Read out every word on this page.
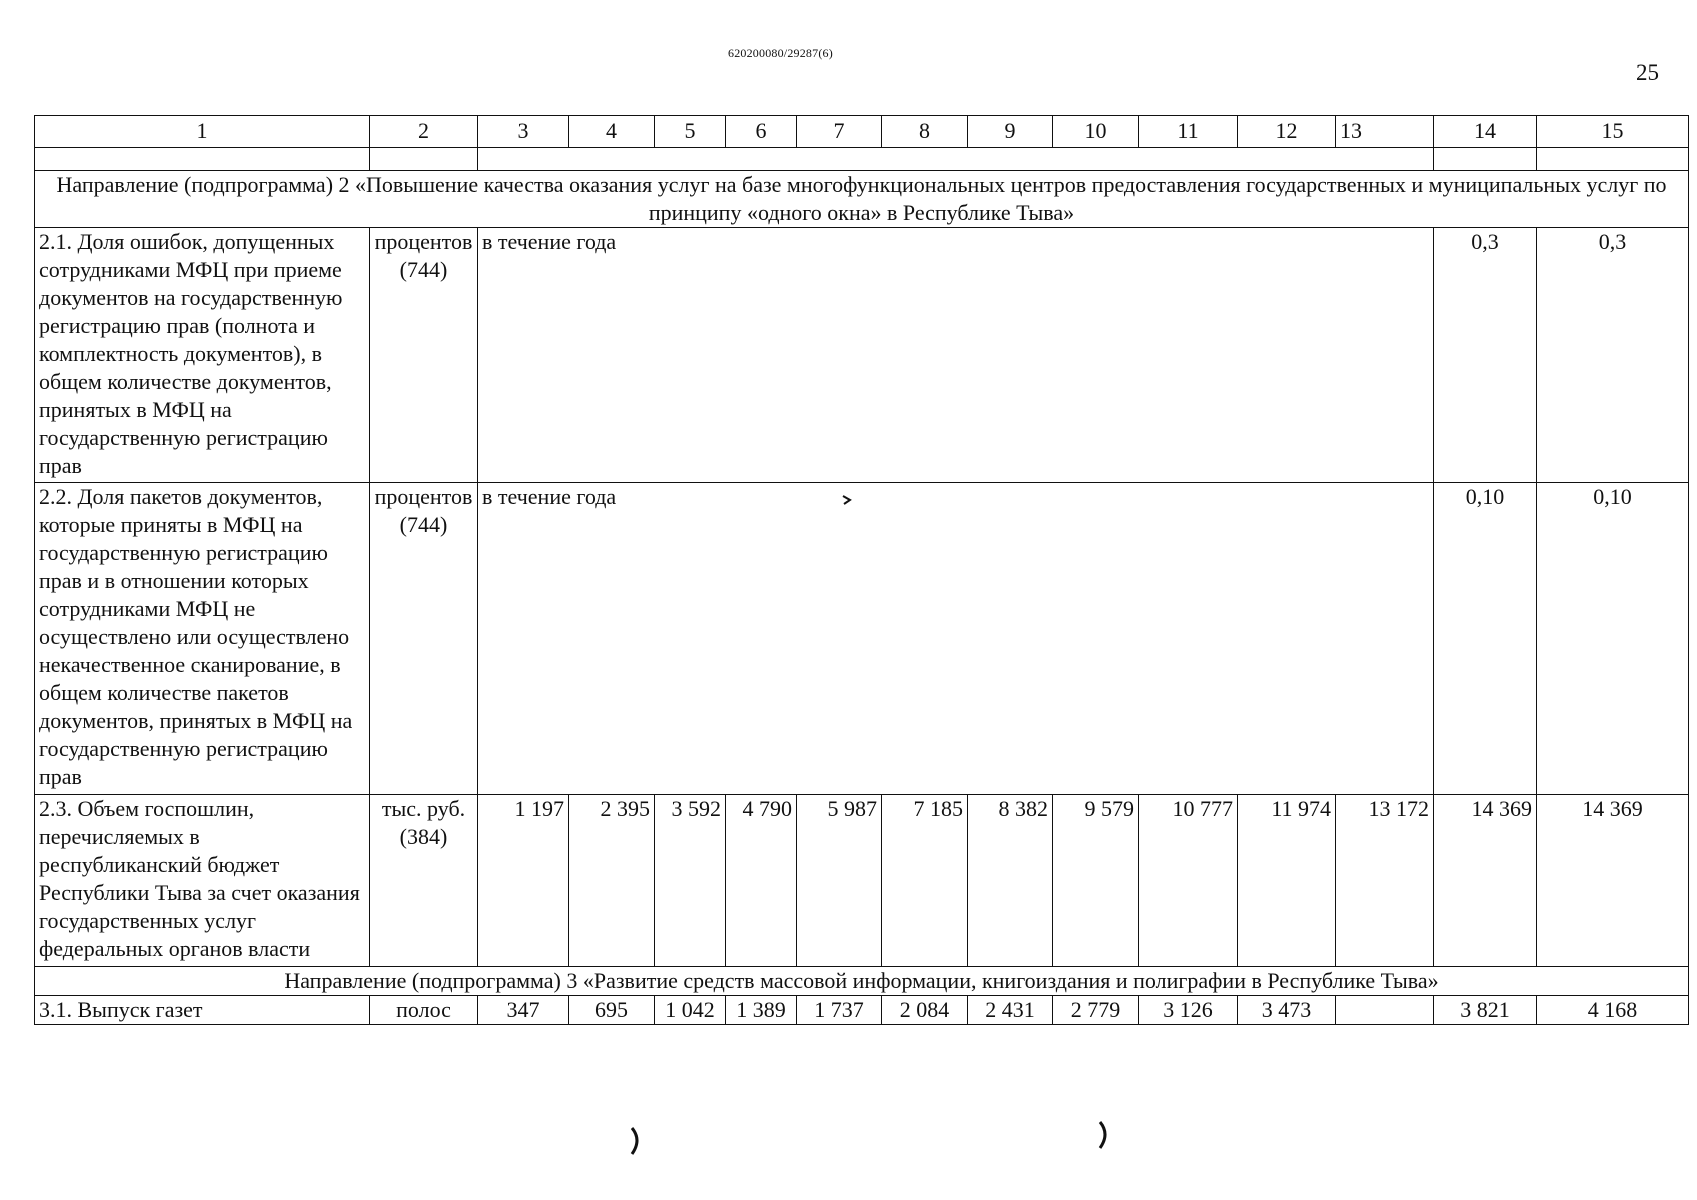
620200080/29287(6)
25
1	2	3	4	5	6	7	8	9	10	11	12	13	14	15

Направление (подпрограмма) 2 «Повышение качества оказания услуг на базе многофункциональных центров предоставления государственных и муниципальных услуг по принципу «одного окна» в Республике Тыва»														
2.1. Доля ошибок, допущенных сотрудниками МФЦ при приеме документов на государственную регистрацию прав (полнота и комплектность документов), в общем количестве документов, принятых в МФЦ на государственную регистрацию прав	процентов (744)	в течение года											0,3	0,3
2.2. Доля пакетов документов, которые приняты в МФЦ на государственную регистрацию прав и в отношении которых сотрудниками МФЦ не осуществлено или осуществлено некачественное сканирование, в общем количестве пакетов документов, принятых в МФЦ на государственную регистрацию прав	процентов (744)	в течение года											0,10	0,10
2.3. Объем госпошлин, перечисляемых в республиканский бюджет Республики Тыва за счет оказания государственных услуг федеральных органов власти	тыс. руб. (384)	1 197	2 395	3 592	4 790	5 987	7 185	8 382	9 579	10 777	11 974	13 172	14 369	14 369
Направление (подпрограмма) 3 «Развитие средств массовой информации, книгоиздания и полиграфии в Республике Тыва»														
3.1. Выпуск газет	полос	347	695	1 042	1 389	1 737	2 084	2 431	2 779	3 126	3 473		3 821	4 168
